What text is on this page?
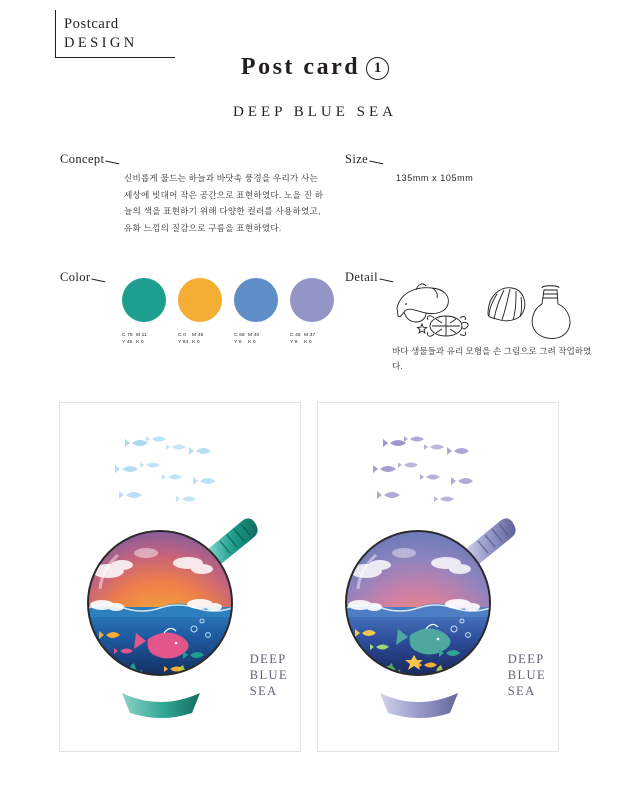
Postcard
DESIGN
Post card 1
DEEP BLUE SEA
Concept
신비롭게 물드는 하늘과 바닷속 풍경을 우리가 사는 세상에 빗대어 작은 공간으로 표현하였다. 노을 진 하늘의 색을 표현하기 위해 다양한 컬러를 사용하였고, 유화 느낌의 질감으로 구름을 표현하였다.
Size
135mm x 105mm
Color
C 79 M 11
Y 45 K 0
C 0 M 45
Y 84 K 0
C 68 M 40
Y 0 K 0
C 46 M 37
Y 8 K 0
Detail
바다 생물들과 유리 모형을 손 그림으로 그려 작업하였다.
DEEP
BLUE
SEA
DEEP
BLUE
SEA
